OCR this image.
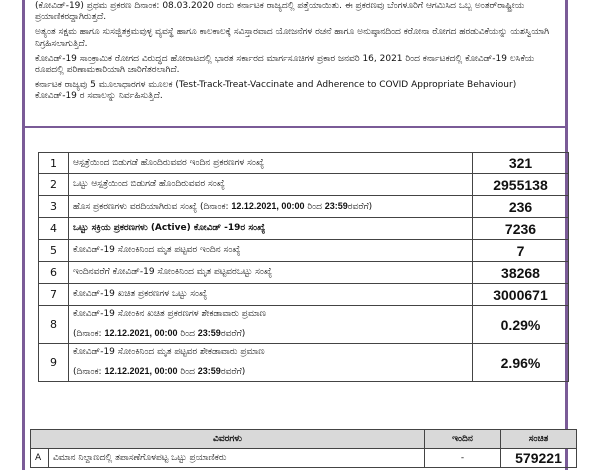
(ಕೋವಿಡ್‌-19) ಪ್ರಥಮ ಪ್ರಕರಣ ದಿನಾಂಕ: 08.03.2020 ರಂದು ಕರ್ನಾಟಕ ರಾಜ್ಯದಲ್ಲಿ ಪತ್ತೆಯಾಯಿತು. ಈ ಪ್ರಕರಣವು ಬೆಂಗಳೂರಿಗೆ ಆಗಮಿಸಿದ ಒಬ್ಬ ಅಂತರ್‌ರಾಷ್ಟ್ರೀಯ ಪ್ರಯಾಣಿಕರದ್ದಾಗಿರುತ್ತದೆ.

ಅತ್ಯಂತ ಸಕ್ಷಮ ಹಾಗೂ ಸುಸಜ್ಜಿತಕ್ರಮವುಳ್ಳ ವ್ಯವಸ್ಥೆ ಹಾಗೂ ಕಾಲಕಾಲಕ್ಕೆ ಸವಿಸ್ತಾರವಾದ ಯೋಜನೆಗಳ ರಚನೆ ಹಾಗೂ ಅನುಷ್ಠಾನದಿಂದ ಕರೋನಾ ರೋಗದ ಹರಡುವಿಕೆಯನ್ನು ಯಶಸ್ವಿಯಾಗಿ ನಿಗ್ರಹಿಸಲಾಗುತ್ತಿದೆ.

ಕೋವಿಡ್‌-19 ಸಾಂಕ್ರಾಮಿಕ ರೋಗದ ವಿರುದ್ಧದ ಹೋರಾಟದಲ್ಲಿ ಭಾರತ ಸರ್ಕಾರದ ಮಾರ್ಗಸೂಚಿಗಳ ಪ್ರಕಾರ ಜನವರಿ 16, 2021 ರಿಂದ ಕರ್ನಾಟಕದಲ್ಲಿ ಕೋವಿಡ್‌-19 ಲಸಿಕೆಯ ರೂಪದಲ್ಲಿ ಪರಿಣಾಮಕಾರಿಯಾಗಿ ಜಾರಿಗೆತರಲಾಗಿದೆ.

ಕರ್ನಾಟಕ ರಾಜ್ಯವು 5 ಮೂಲಾಧಾರಗಳ ಮೂಲಕ (Test-Track-Treat-Vaccinate and Adherence to COVID Appropriate Behaviour) ಕೋವಿಡ್‌-19 ರ ಸವಾಲನ್ನು ನಿರ್ವಹಿಸುತ್ತಿದೆ.

1	ಆಸ್ಪತ್ರೆಯಿಂದ ಬಿಡುಗಡೆ ಹೊಂದಿರುವವರ ಇಂದಿನ ಪ್ರಕರಣಗಳ ಸಂಖ್ಯೆ	321
2	ಒಟ್ಟು ಆಸ್ಪತ್ರೆಯಿಂದ ಬಿಡುಗಡೆ ಹೊಂದಿರುವವರ ಸಂಖ್ಯೆ	2955138
3	ಹೊಸ ಪ್ರಕರಣಗಳು ವರದಿಯಾಗಿರುವ ಸಂಖ್ಯೆ (ದಿನಾಂಕ: 12.12.2021, 00:00 ರಿಂದ 23:59ರವರೆಗೆ)	236
4	ಒಟ್ಟು ಸಕ್ರಿಯ ಪ್ರಕರಣಗಳು (Active) ಕೋವಿಡ್ -19ರ ಸಂಖ್ಯೆ	7236
5	ಕೋವಿಡ್‌-19 ಸೋಂಕಿನಿಂದ ಮೃತ ಪಟ್ಟವರ ಇಂದಿನ ಸಂಖ್ಯೆ	7
6	ಇಂದಿನವರೆಗೆ ಕೋವಿಡ್‌-19 ಸೋಂಕಿನಿಂದ ಮೃತ ಪಟ್ಟವರಒಟ್ಟು ಸಂಖ್ಯೆ	38268
7	ಕೋವಿಡ್‌-19 ಖಚಿತ ಪ್ರಕರಣಗಳ ಒಟ್ಟು ಸಂಖ್ಯೆ	3000671
8	ಕೋವಿಡ್‌-19 ಸೋಂಕಿನ ಖಚಿತ ಪ್ರಕರಣಗಳ ಶೇಕಡಾವಾರು ಪ್ರಮಾಣ
(ದಿನಾಂಕ: 12.12.2021, 00:00 ರಿಂದ 23:59ರವರೆಗೆ)	0.29%
9	ಕೋವಿಡ್‌-19 ಸೋಂಕಿನಿಂದ ಮೃತ ಪಟ್ಟವರ ಶೇಕಡಾವಾರು ಪ್ರಮಾಣ
(ದಿನಾಂಕ: 12.12.2021, 00:00 ರಿಂದ 23:59ರವರೆಗೆ)	2.96%
ವಿವರಗಳು		ಇಂದಿನ	ಸಂಚಿತ
A	ವಿಮಾನ ನಿಲ್ದಾಣದಲ್ಲಿ ತಪಾಸಣೆಗೊಳಪಟ್ಟ ಒಟ್ಟು ಪ್ರಯಾಣಿಕರು	-	579221
